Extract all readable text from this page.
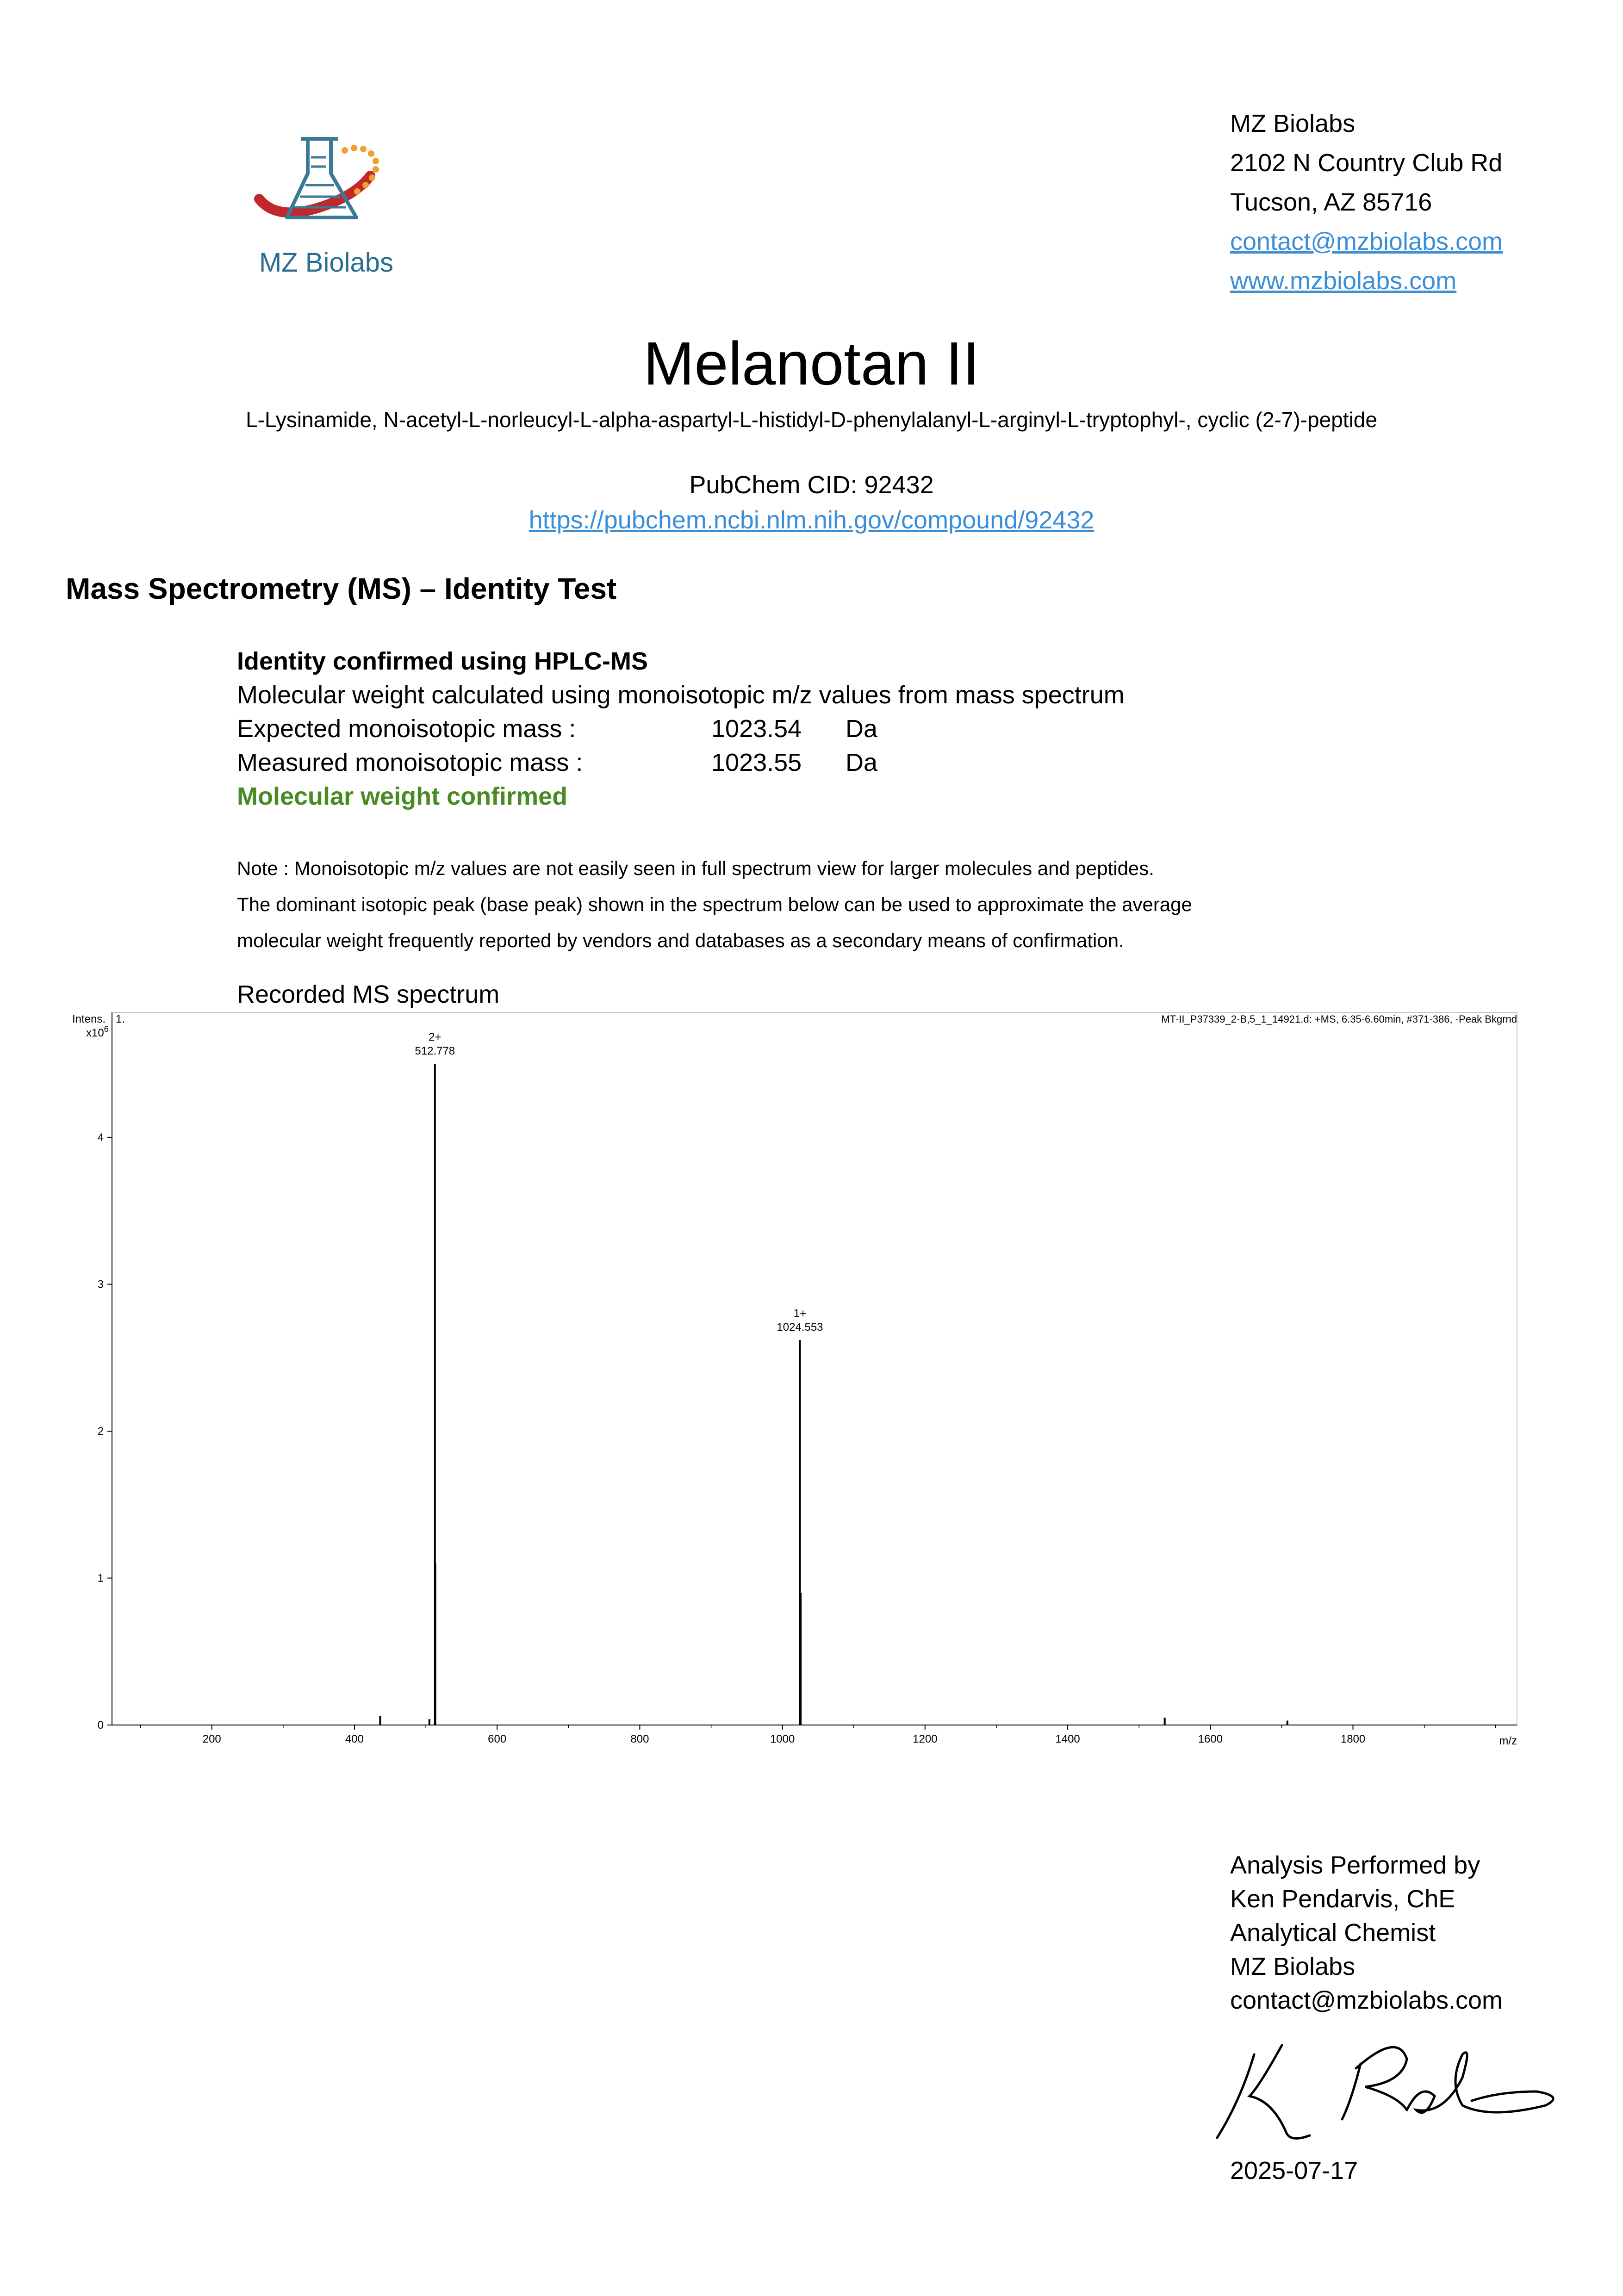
MZ Biolabs
MZ Biolabs
2102 N Country Club Rd
Tucson, AZ 85716
contact@mzbiolabs.com
www.mzbiolabs.com
Melanotan II
L-Lysinamide, N-acetyl-L-norleucyl-L-alpha-aspartyl-L-histidyl-D-phenylalanyl-L-arginyl-L-tryptophyl-, cyclic (2-7)-peptide
PubChem CID: 92432
https://pubchem.ncbi.nlm.nih.gov/compound/92432
Mass Spectrometry (MS) – Identity Test
Identity confirmed using HPLC-MS
Molecular weight calculated using monoisotopic m/z values from mass spectrum
Expected monoisotopic mass :	1023.54	Da
Measured monoisotopic mass :	1023.55	Da
Molecular weight confirmed
Note : Monoisotopic m/z values are not easily seen in full spectrum view for larger molecules and peptides.
The dominant isotopic peak (base peak) shown in the spectrum below can be used to approximate the average
molecular weight frequently reported by vendors and databases as a secondary means of confirmation.
Recorded MS spectrum
Intens.
$x10^6$
1.	MT-II_P37339_2-B,5_1_14921.d: +MS, 6.35-6.60min, #371-386, -Peak Bkgrnd
m/z
200	400	600	800	1000	1200	1400	1600	1800
0
1
2
3
4
2+
512.778
1+
1024.553
Analysis Performed by
Ken Pendarvis, ChE
Analytical Chemist
MZ Biolabs
contact@mzbiolabs.com
2025-07-17
